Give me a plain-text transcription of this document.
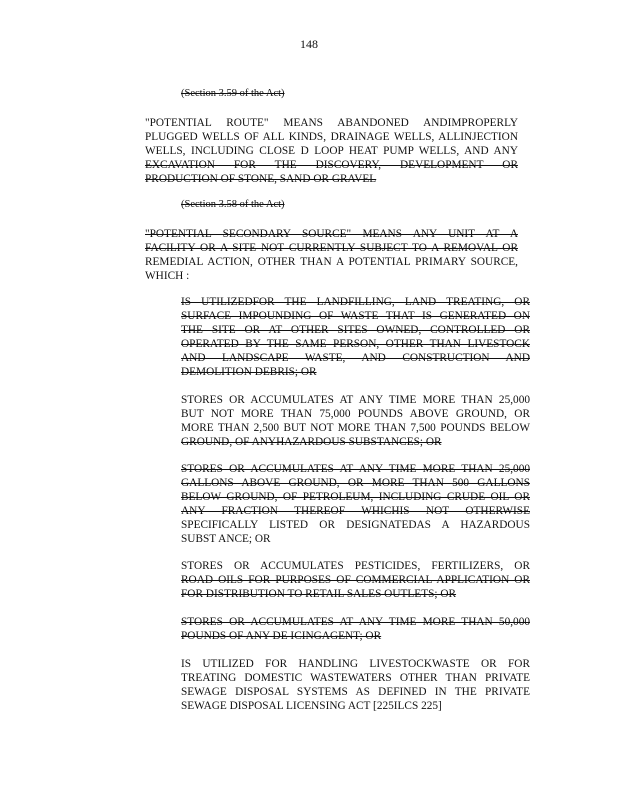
148
(Section 3.59 of the Act)
"POTENTIAL ROUTE" MEANS ABANDONED ANDIMPROPERLY
PLUGGED WELLS OF ALL KINDS, DRAINAGE WELLS, ALLINJECTION
WELLS, INCLUDING CLOSE D LOOP HEAT PUMP WELLS, AND ANY
EXCAVATION FOR THE DISCOVERY, DEVELOPMENT OR
PRODUCTION OF STONE, SAND OR GRAVEL
(Section 3.58 of the Act)
"POTENTIAL SECONDARY SOURCE" MEANS ANY UNIT AT A
FACILITY OR A SITE NOT CURRENTLY SUBJECT TO A REMOVAL OR
REMEDIAL ACTION, OTHER THAN A POTENTIAL PRIMARY SOURCE,
WHICH :
IS UTILIZEDFOR THE LANDFILLING, LAND TREATING, OR
SURFACE IMPOUNDING OF WASTE THAT IS GENERATED ON
THE SITE OR AT OTHER SITES OWNED, CONTROLLED OR
OPERATED BY THE SAME PERSON, OTHER THAN LIVESTOCK
AND LANDSCAPE WASTE, AND CONSTRUCTION AND
DEMOLITION DEBRIS; OR
STORES OR ACCUMULATES AT ANY TIME MORE THAN 25,000
BUT NOT MORE THAN 75,000 POUNDS ABOVE GROUND, OR
MORE THAN 2,500 BUT NOT MORE THAN 7,500 POUNDS BELOW
GROUND, OF ANYHAZARDOUS SUBSTANCES; OR
STORES OR ACCUMULATES AT ANY TIME MORE THAN 25,000
GALLONS ABOVE GROUND, OR MORE THAN 500 GALLONS
BELOW GROUND, OF PETROLEUM, INCLUDING CRUDE OIL OR
ANY FRACTION THEREOF WHICHIS NOT OTHERWISE
SPECIFICALLY LISTED OR DESIGNATEDAS A HAZARDOUS
SUBST ANCE; OR
STORES OR ACCUMULATES PESTICIDES, FERTILIZERS, OR
ROAD OILS FOR PURPOSES OF COMMERCIAL APPLICATION OR
FOR DISTRIBUTION TO RETAIL SALES OUTLETS; OR
STORES OR ACCUMULATES AT ANY TIME MORE THAN 50,000
POUNDS OF ANY DE ICINGAGENT; OR
IS UTILIZED FOR HANDLING LIVESTOCKWASTE OR FOR
TREATING DOMESTIC WASTEWATERS OTHER THAN PRIVATE
SEWAGE DISPOSAL SYSTEMS AS DEFINED IN THE PRIVATE
SEWAGE DISPOSAL LICENSING ACT [225ILCS 225]
